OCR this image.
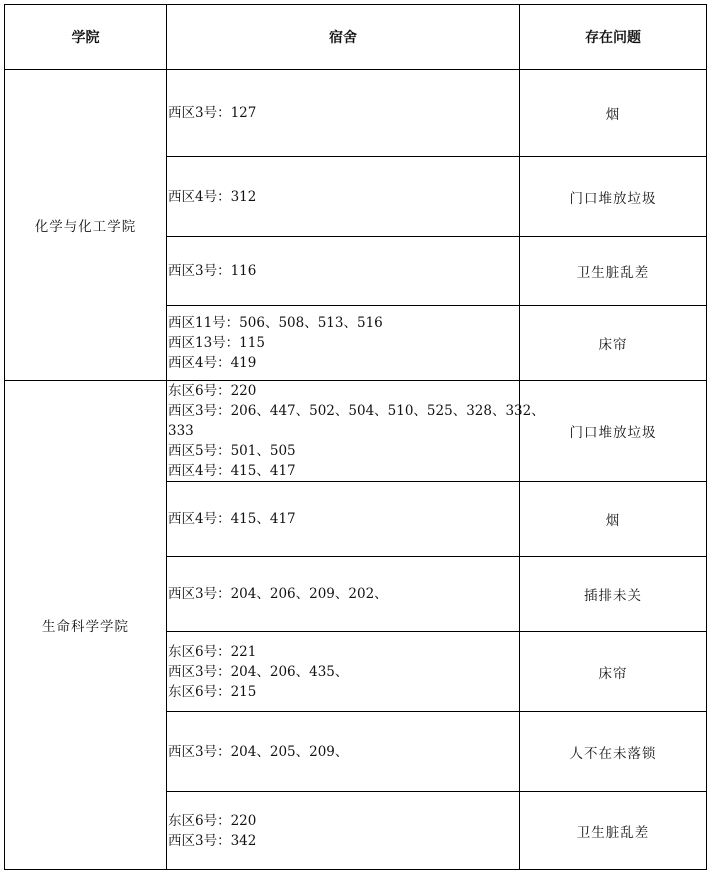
学院	宿舍	存在问题
化学与化工学院	西区3号：127	烟

	西区4号：312	门口堆放垃圾

	西区3号：116	卫生脏乱差

	西区11号：506、508、513、516
西区13号：115
西区4号：419	床帘
生命科学学院	东区6号：220
西区3号：206、447、502、504、510、525、328、332、
333
西区5号：501、505
西区4号：415、417	门口堆放垃圾

	西区4号：415、417	烟

	西区3号：204、206、209、202、	插排未关

	东区6号：221
西区3号：204、206、435、
东区6号：215	床帘

	西区3号：204、205、209、	人不在未落锁

	东区6号：220
西区3号：342	卫生脏乱差
